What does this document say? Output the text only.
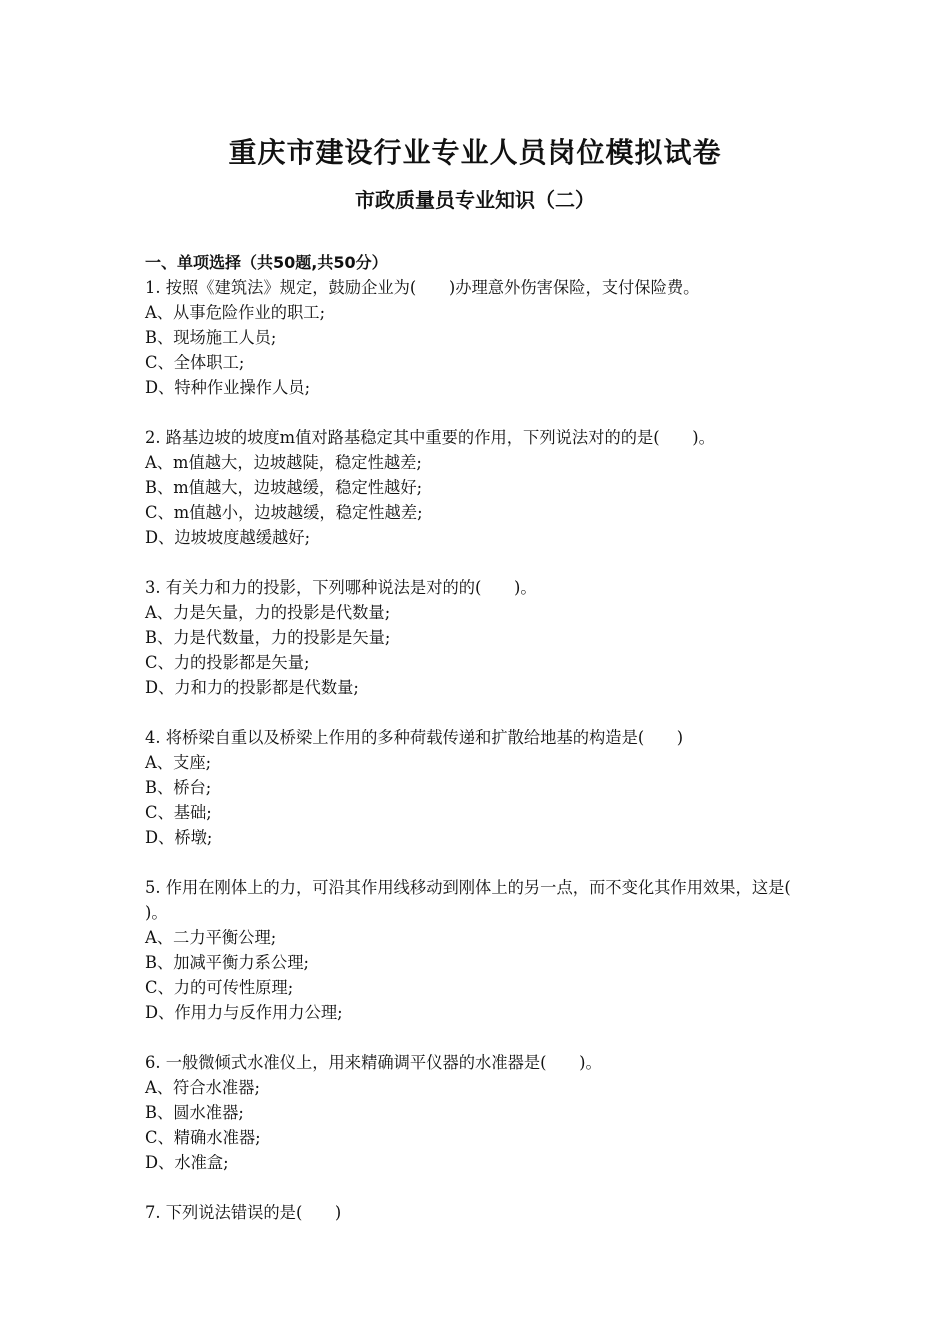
重庆市建设行业专业人员岗位模拟试卷
市政质量员专业知识（二）
一、单项选择（共50题,共50分）

1. 按照《建筑法》规定，鼓励企业为(　　)办理意外伤害保险，支付保险费。

A、从事危险作业的职工;

B、现场施工人员;

C、全体职工;

D、特种作业操作人员;

2. 路基边坡的坡度m值对路基稳定其中重要的作用，下列说法对的的是(　　)。

A、m值越大，边坡越陡，稳定性越差;

B、m值越大，边坡越缓，稳定性越好;

C、m值越小，边坡越缓，稳定性越差;

D、边坡坡度越缓越好;

3. 有关力和力的投影，下列哪种说法是对的的(　　)。

A、力是矢量，力的投影是代数量;

B、力是代数量，力的投影是矢量;

C、力的投影都是矢量;

D、力和力的投影都是代数量;

4. 将桥梁自重以及桥梁上作用的多种荷载传递和扩散给地基的构造是(　　)

A、支座;

B、桥台;

C、基础;

D、桥墩;

5. 作用在刚体上的力，可沿其作用线移动到刚体上的另一点，而不变化其作用效果，这是(　　)。

A、二力平衡公理;

B、加减平衡力系公理;

C、力的可传性原理;

D、作用力与反作用力公理;

6. 一般微倾式水准仪上，用来精确调平仪器的水准器是(　　)。

A、符合水准器;

B、圆水准器;

C、精确水准器;

D、水准盒;

7. 下列说法错误的是(　　)
